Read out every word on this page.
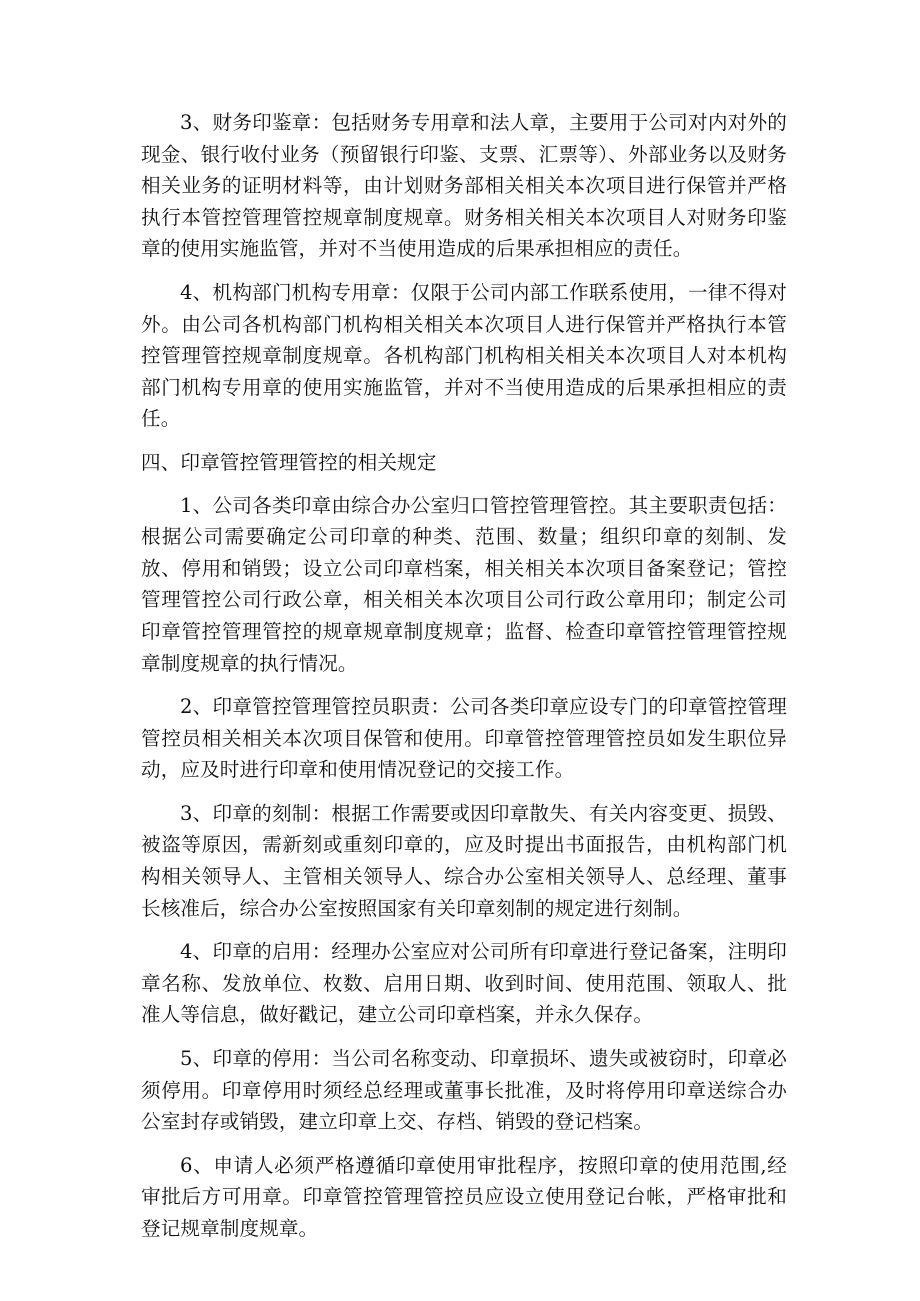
3、财务印鉴章：包括财务专用章和法人章，主要用于公司对内对外的现金、银行收付业务（预留银行印鉴、支票、汇票等）、外部业务以及财务相关业务的证明材料等，由计划财务部相关相关本次项目进行保管并严格执行本管控管理管控规章制度规章。财务相关相关本次项目人对财务印鉴章的使用实施监管，并对不当使用造成的后果承担相应的责任。

4、机构部门机构专用章：仅限于公司内部工作联系使用，一律不得对外。由公司各机构部门机构相关相关本次项目人进行保管并严格执行本管控管理管控规章制度规章。各机构部门机构相关相关本次项目人对本机构部门机构专用章的使用实施监管，并对不当使用造成的后果承担相应的责任。

四、印章管控管理管控的相关规定

1、公司各类印章由综合办公室归口管控管理管控。其主要职责包括：根据公司需要确定公司印章的种类、范围、数量；组织印章的刻制、发放、停用和销毁；设立公司印章档案，相关相关本次项目备案登记；管控管理管控公司行政公章，相关相关本次项目公司行政公章用印；制定公司印章管控管理管控的规章规章制度规章；监督、检查印章管控管理管控规章制度规章的执行情况。

2、印章管控管理管控员职责：公司各类印章应设专门的印章管控管理管控员相关相关本次项目保管和使用。印章管控管理管控员如发生职位异动，应及时进行印章和使用情况登记的交接工作。

3、印章的刻制：根据工作需要或因印章散失、有关内容变更、损毁、被盗等原因，需新刻或重刻印章的，应及时提出书面报告，由机构部门机构相关领导人、主管相关领导人、综合办公室相关领导人、总经理、董事长核准后，综合办公室按照国家有关印章刻制的规定进行刻制。

4、印章的启用：经理办公室应对公司所有印章进行登记备案，注明印章名称、发放单位、枚数、启用日期、收到时间、使用范围、领取人、批准人等信息，做好戳记，建立公司印章档案，并永久保存。

5、印章的停用：当公司名称变动、印章损坏、遗失或被窃时，印章必须停用。印章停用时须经总经理或董事长批准，及时将停用印章送综合办公室封存或销毁，建立印章上交、存档、销毁的登记档案。

6、申请人必须严格遵循印章使用审批程序，按照印章的使用范围,经审批后方可用章。印章管控管理管控员应设立使用登记台帐，严格审批和登记规章制度规章。
